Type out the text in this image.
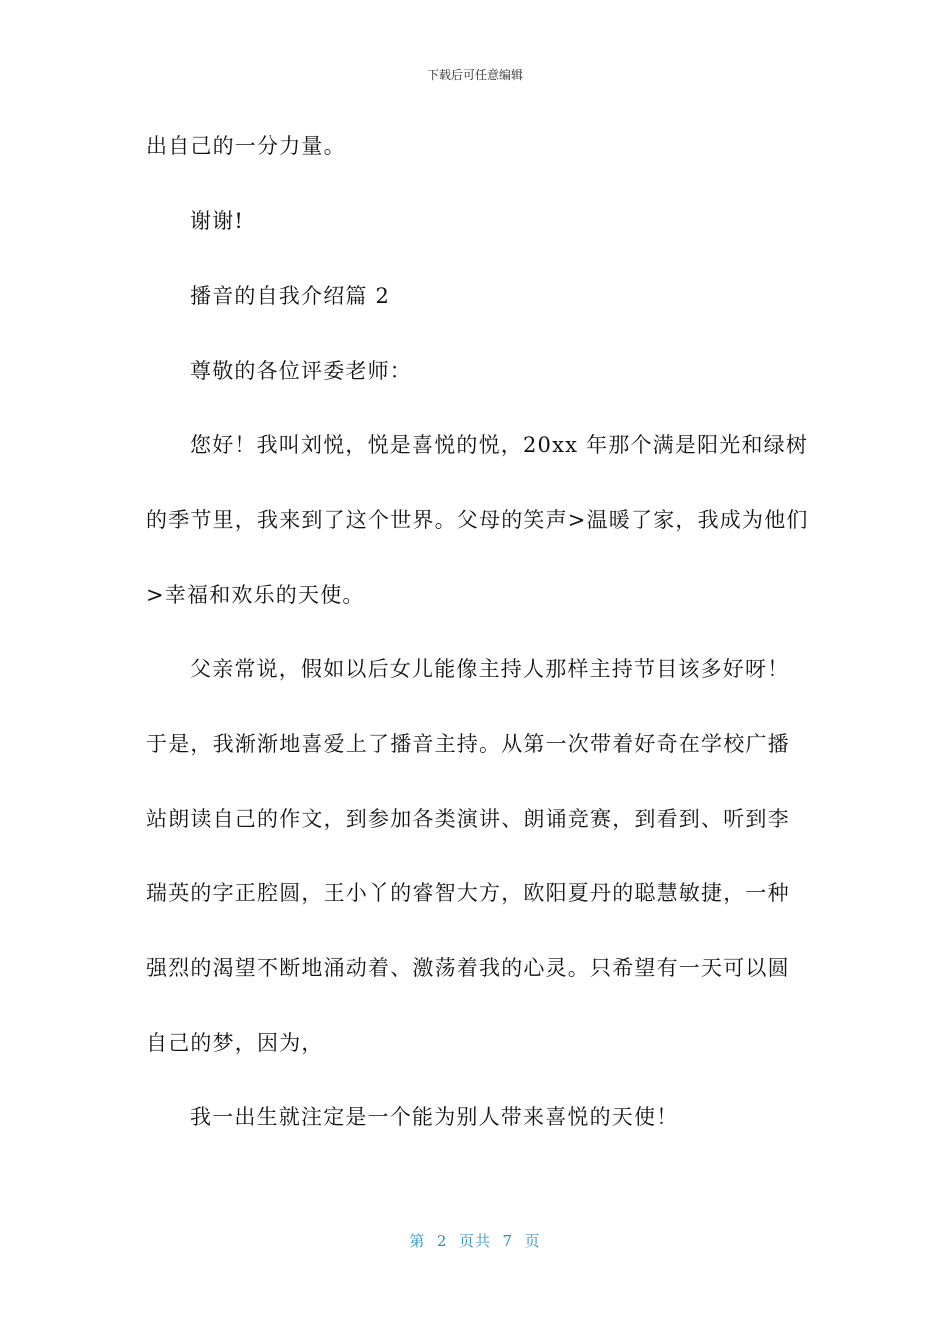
下载后可任意编辑
出自己的一分力量。
谢谢!
播音的自我介绍篇 2
尊敬的各位评委老师：
您好！我叫刘悦，悦是喜悦的悦，20xx 年那个满是阳光和绿树
的季节里，我来到了这个世界。父母的笑声>温暖了家，我成为他们
>幸福和欢乐的天使。
父亲常说，假如以后女儿能像主持人那样主持节目该多好呀！
于是，我渐渐地喜爱上了播音主持。从第一次带着好奇在学校广播
站朗读自己的作文，到参加各类演讲、朗诵竞赛，到看到、听到李
瑞英的字正腔圆，王小丫的睿智大方，欧阳夏丹的聪慧敏捷，一种
强烈的渴望不断地涌动着、激荡着我的心灵。只希望有一天可以圆
自己的梦，因为，
我一出生就注定是一个能为别人带来喜悦的天使！
第  2  页共  7  页
